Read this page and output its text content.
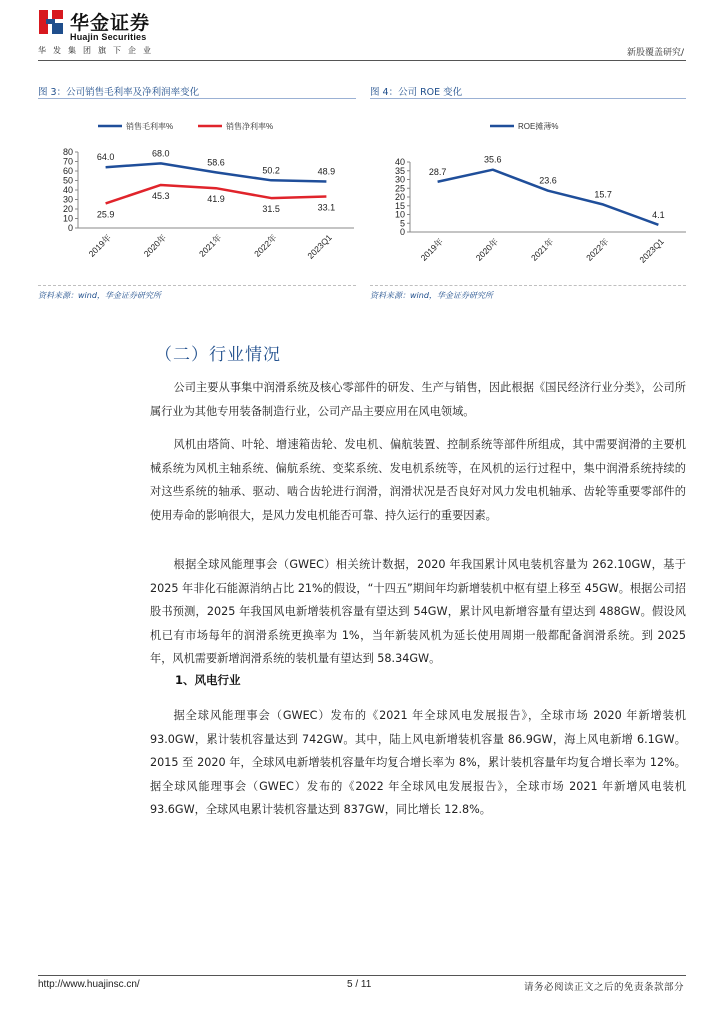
华金证券
Huajin Securities
华发集团旗下企业	新股覆盖研究/
图 3：公司销售毛利率及净利润率变化	图 4：公司 ROE 变化
销售毛利率%	销售净利率%
0
10
20
30
40
50
60
70
80
2019年	2020年	2021年	2022年	2023Q1
64.0	68.0
58.6
50.2	48.9
25.9
45.3	41.9
31.5	33.1
ROE摊薄%
0
5
10
15
20
25
30
35
40
2019年	2020年	2021年	2022年	2023Q1
28.7
35.6
23.6
15.7
4.1
资料来源：wind，华金证券研究所	资料来源：wind，华金证券研究所
（二）行业情况

公司主要从事集中润滑系统及核心零部件的研发、生产与销售，因此根据《国民经济行业分类》，公司所属行业为其他专用装备制造行业，公司产品主要应用在风电领域。

风机由塔筒、叶轮、增速箱齿轮、发电机、偏航装置、控制系统等部件所组成，其中需要润滑的主要机械系统为风机主轴系统、偏航系统、变桨系统、发电机系统等，在风机的运行过程中，集中润滑系统持续的对这些系统的轴承、驱动、啮合齿轮进行润滑，润滑状况是否良好对风力发电机轴承、齿轮等重要零部件的使用寿命的影响很大，是风力发电机能否可靠、持久运行的重要因素。

根据全球风能理事会（GWEC）相关统计数据，2020 年我国累计风电装机容量为 262.10GW，基于 2025 年非化石能源消纳占比 21%的假设，“十四五”期间年均新增装机中枢有望上移至 45GW。根据公司招股书预测，2025 年我国风电新增装机容量有望达到 54GW，累计风电新增容量有望达到 488GW。假设风机已有市场每年的润滑系统更换率为 1%，当年新装风机为延长使用周期一般都配备润滑系统。到 2025 年，风机需要新增润滑系统的装机量有望达到 58.34GW。

1、风电行业

据全球风能理事会（GWEC）发布的《2021 年全球风电发展报告》，全球市场 2020 年新增装机 93.0GW，累计装机容量达到 742GW。其中，陆上风电新增装机容量 86.9GW，海上风电新增 6.1GW。2015 至 2020 年，全球风电新增装机容量年均复合增长率为 8%，累计装机容量年均复合增长率为 12%。据全球风能理事会（GWEC）发布的《2022 年全球风电发展报告》，全球市场 2021 年新增风电装机 93.6GW，全球风电累计装机容量达到 837GW，同比增长 12.8%。

http://www.huajinsc.cn/	5 / 11	请务必阅读正文之后的免责条款部分
